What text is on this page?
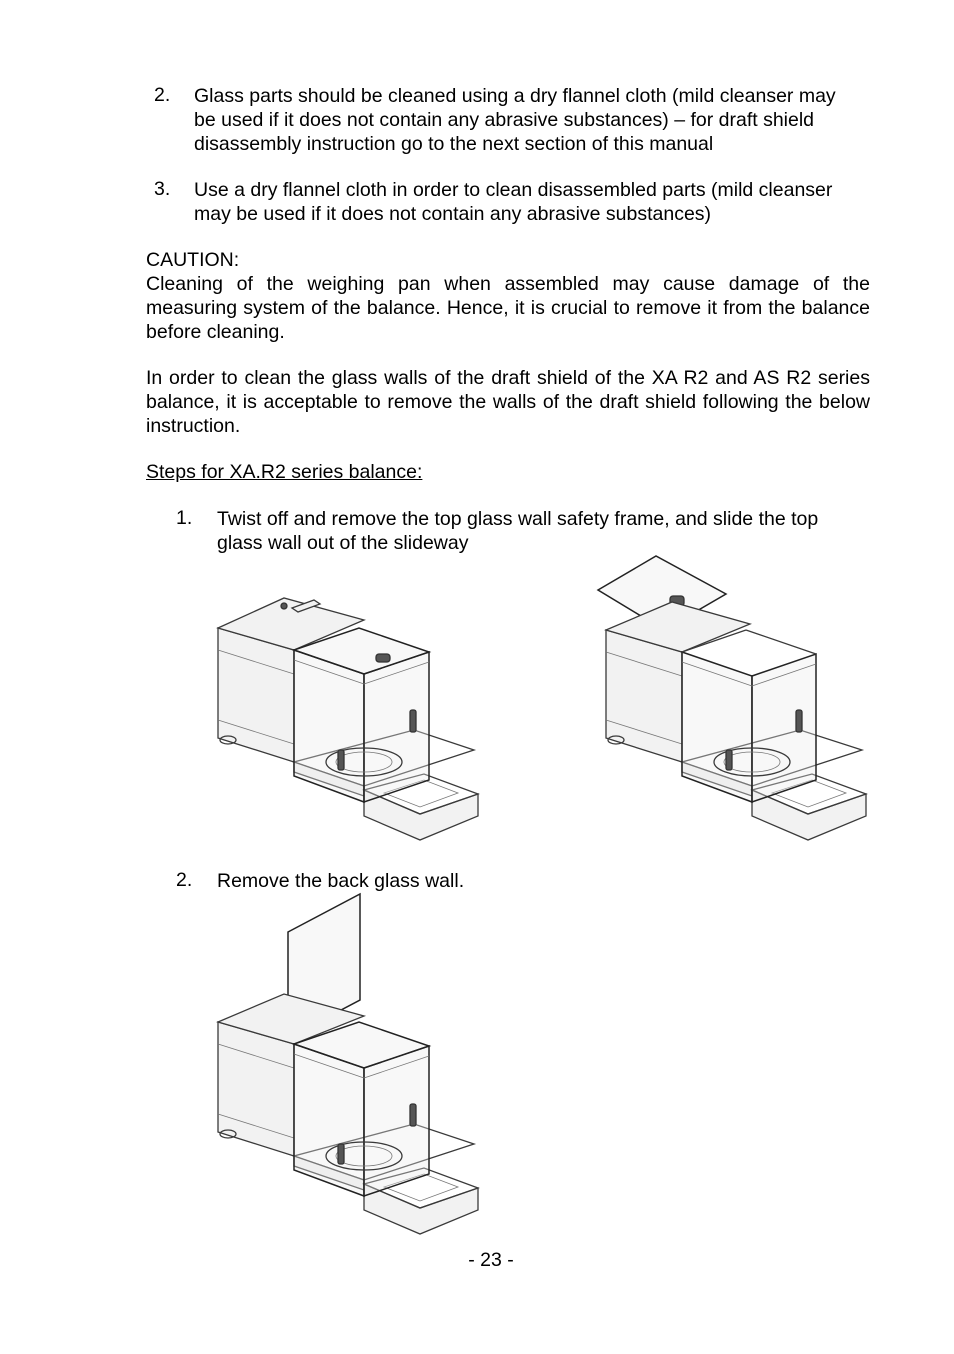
2. Glass parts should be cleaned using a dry flannel cloth (mild cleanser may
be used if it does not contain any abrasive substances) – for draft shield
disassembly instruction go to the next section of this manual
3. Use a dry flannel cloth in order to clean disassembled parts (mild cleanser
may be used if it does not contain any abrasive substances)
CAUTION:
Cleaning of the weighing pan when assembled may cause damage of the measuring system of the balance. Hence, it is crucial to remove it from the balance before cleaning.
In order to clean the glass walls of the draft shield of the XA R2 and AS R2 series balance, it is acceptable to remove the walls of the draft shield following the below instruction.
Steps for XA.R2 series balance:
1. Twist off and remove the top glass wall safety frame, and slide the top
glass wall out of the slideway
2. Remove the back glass wall.
- 23 -
